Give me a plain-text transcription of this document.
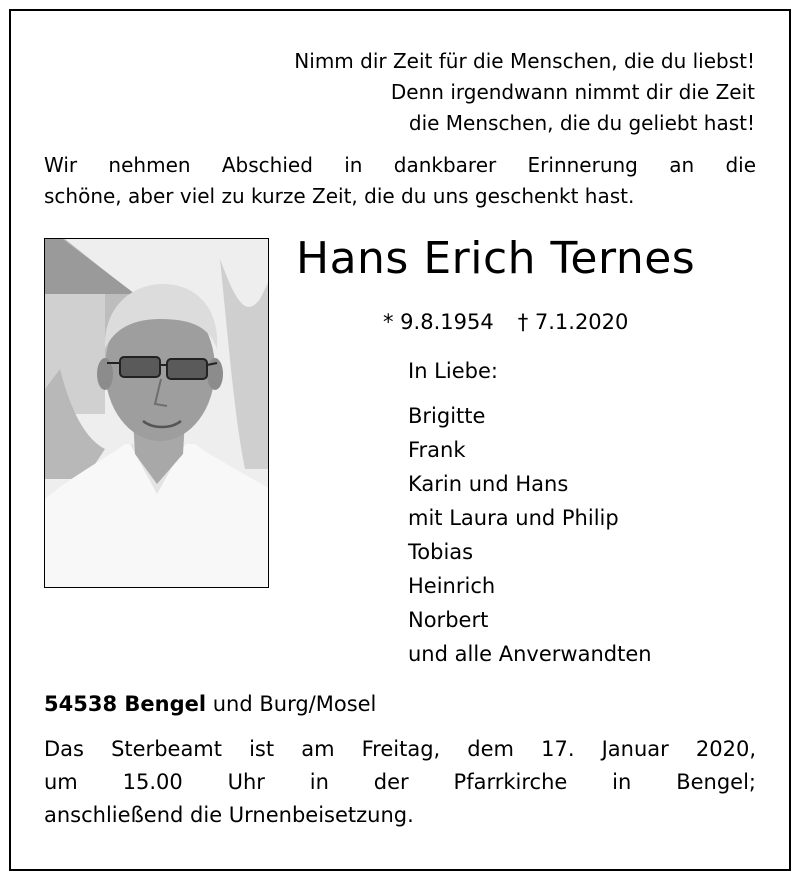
Nimm dir Zeit für die Menschen, die du liebst!
Denn irgendwann nimmt dir die Zeit
die Menschen, die du geliebt hast!
Wir nehmen Abschied in dankbarer Erinnerung an die
schöne, aber viel zu kurze Zeit, die du uns geschenkt hast.
Hans Erich Ternes
* 9.8.1954 † 7.1.2020
In Liebe:
Brigitte
Frank
Karin und Hans
mit Laura und Philip
Tobias
Heinrich
Norbert
und alle Anverwandten
54538 Bengel und Burg/Mosel
Das Sterbeamt ist am Freitag, dem 17. Januar 2020,
um 15.00 Uhr in der Pfarrkirche in Bengel;
anschließend die Urnenbeisetzung.
